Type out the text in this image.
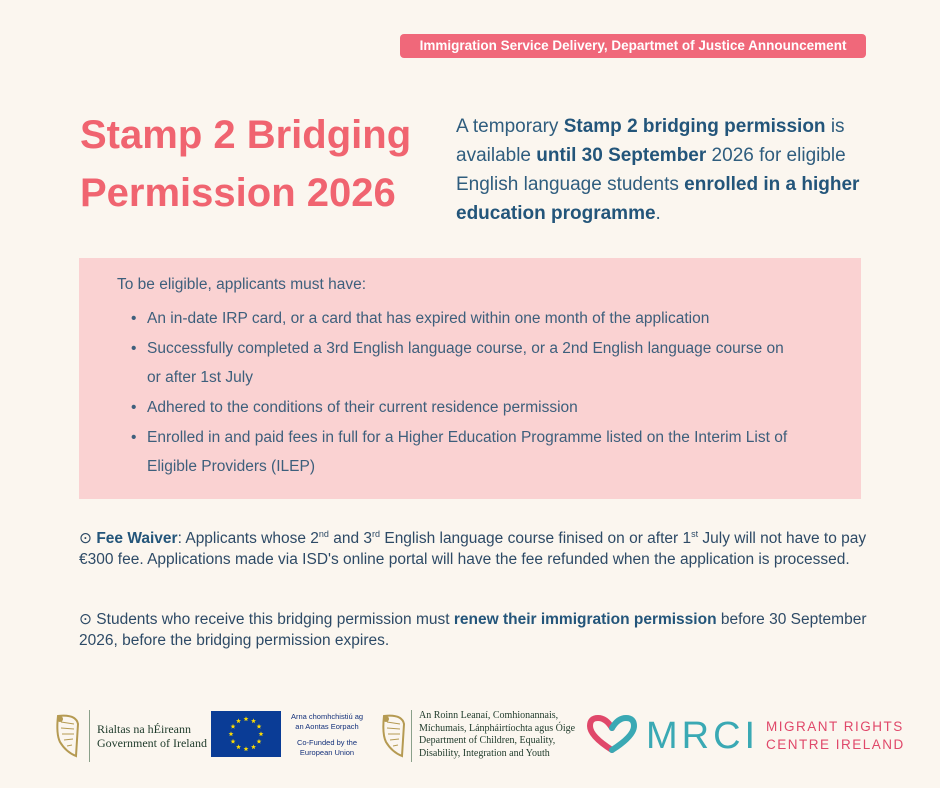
Immigration Service Delivery, Departmet of Justice Announcement
Stamp 2 Bridging
Permission 2026

A temporary Stamp 2 bridging permission is available until 30 September 2026 for eligible English language students enrolled in a higher education programme.

To be eligible, applicants must have:

• An in-date IRP card, or a card that has expired within one month of the application
• Successfully completed a 3rd English language course, or a 2nd English language course on or after 1st July
• Adhered to the conditions of their current residence permission
• Enrolled in and paid fees in full for a Higher Education Programme listed on the Interim List of Eligible Providers (ILEP)

⊙ Fee Waiver: Applicants whose 2nd and 3rd English language course finised on or after 1st July will not have to pay €300 fee. Applications made via ISD's online portal will have the fee refunded when the application is processed.

⊙ Students who receive this bridging permission must renew their immigration permission before 30 September 2026, before the bridging permission expires.

Rialtas na hÉireann
Government of Ireland
Arna chomhchistiú ag
an Aontas Eorpach
Co-Funded by the
European Union
An Roinn Leanaí, Comhionannais,
Míchumais, Lánpháirtíochta agus Óige
Department of Children, Equality,
Disability, Integration and Youth	MRCI MIGRANT RIGHTS
CENTRE IRELAND
